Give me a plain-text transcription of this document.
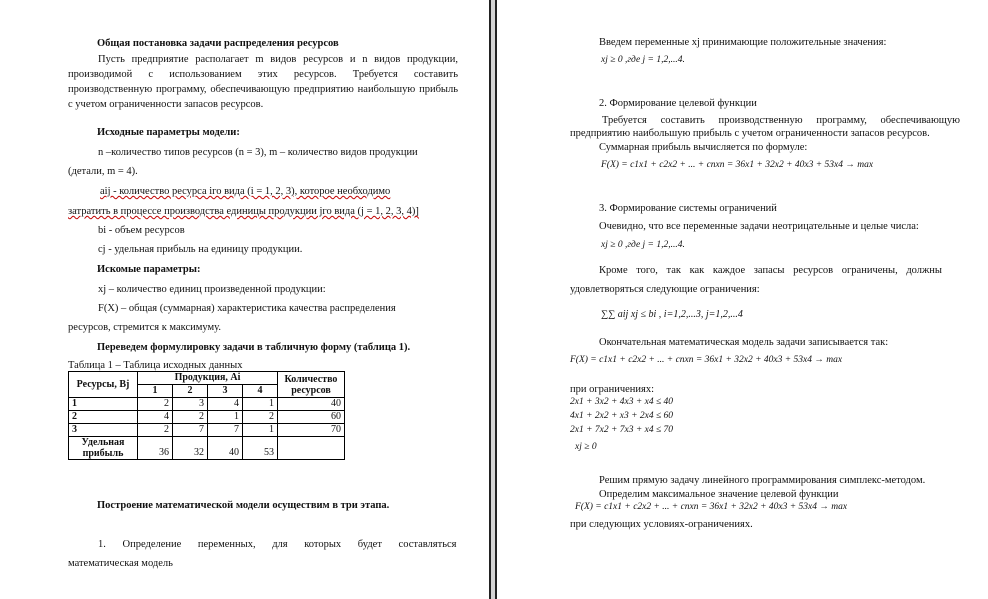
Общая постановка задачи распределения ресурсов
Пусть предприятие располагает m видов ресурсов и n видов продукции, производимой с использованием этих ресурсов. Требуется составить производственную программу, обеспечивающую предприятию наибольшую прибыль с учетом ограниченности запасов ресурсов.
Исходные параметры модели:
n –количество типов ресурсов (n = 3), m – количество видов продукции
(детали, m = 4).
aij - количество ресурса iго вида (i = 1, 2, 3), которое необходимо
затратить в процессе производства единицы продукции jго вида (j = 1, 2, 3, 4)]
bi - объем ресурсов
cj - удельная прибыль на единицу продукции.
Искомые параметры:
xj – количество единиц произведенной продукции:
F(X) – общая (суммарная) характеристика качества распределения
ресурсов, стремится к максимуму.
Переведем формулировку задачи в табличную форму (таблица 1).
Таблица 1 – Таблица исходных данных
Ресурсы, Bj	Продукция, Ai				Количество ресурсов
	1	2	3	4	
1	2	3	4	1	40
2	4	2	1	2	60
3	2	7	7	1	70
Удельная прибыль	36	32	40	53	
Построение математической модели осуществим в три этапа.
1. Определение переменных, для которых будет составляться
математическая модель
Введем переменные xj принимающие положительные значения:
xj ≥ 0 ,где j = 1,2,...4.
2. Формирование целевой функции
Требуется составить производственную программу, обеспечивающую предприятию наибольшую прибыль с учетом ограниченности запасов ресурсов.
Суммарная прибыль вычисляется по формуле:
F(X) = c1x1 + c2x2 + ... + cnxn = 36x1 + 32x2 + 40x3 + 53x4 → max
3. Формирование системы ограничений
Очевидно, что все переменные задачи неотрицательные и целые числа:
xj ≥ 0 ,где j = 1,2,...4.
Кроме того, так как каждое запасы ресурсов ограничены, должны
удовлетворяться следующие ограничения:
∑∑ aij xj ≤ bi , i=1,2,...3, j=1,2,...4
Окончательная математическая модель задачи записывается так:
F(X) = c1x1 + c2x2 + ... + cnxn = 36x1 + 32x2 + 40x3 + 53x4 → max
при ограничениях:
2x1 + 3x2 + 4x3 + x4 ≤ 40
4x1 + 2x2 + x3 + 2x4 ≤ 60
2x1 + 7x2 + 7x3 + x4 ≤ 70
xj ≥ 0
Решим прямую задачу линейного программирования симплекс-методом.
Определим максимальное значение целевой функции
F(X) = c1x1 + c2x2 + ... + cnxn = 36x1 + 32x2 + 40x3 + 53x4 → max
при следующих условиях-ограничениях.
